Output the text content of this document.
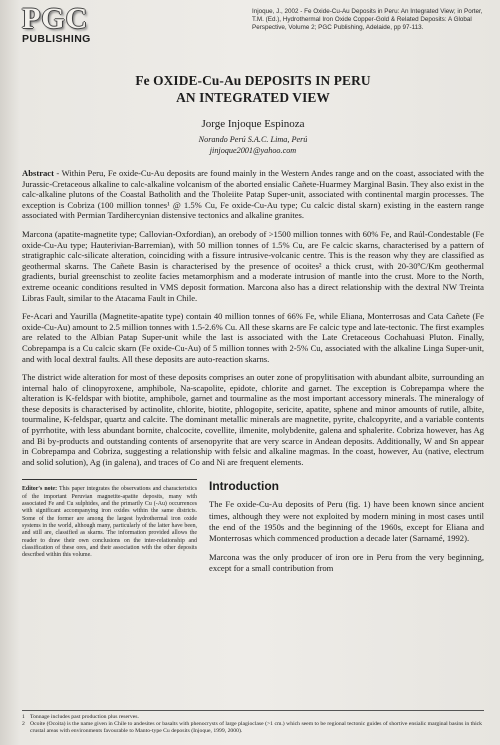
PGC
PUBLISHING
Injoque, J., 2002 - Fe Oxide-Cu-Au Deposits in Peru: An Integrated View; in Porter, T.M. (Ed.), Hydrothermal Iron Oxide Copper-Gold & Related Deposits: A Global Perspective, Volume 2; PGC Publishing, Adelaide, pp 97-113.
Fe OXIDE-Cu-Au DEPOSITS IN PERU
AN INTEGRATED VIEW
Jorge Injoque Espinoza
Norando Perú S.A.C. Lima, Perú
jinjoque2001@yahoo.com
Abstract - Within Peru, Fe oxide-Cu-Au deposits are found mainly in the Western Andes range and on the coast, associated with the Jurassic-Cretaceous alkaline to calc-alkaline volcanism of the aborted ensialic Cañete-Huarmey Marginal Basin. They also exist in the calc-alkaline plutons of the Coastal Batholith and the Tholeiite Patap Super-unit, associated with continental margin processes. The exception is Cobriza (100 million tonnes¹ @ 1.5% Cu, Fe oxide-Cu-Au type; Cu calcic distal skarn) existing in the eastern range associated with Permian Tardihercynian distensive tectonics and alkaline granites.
Marcona (apatite-magnetite type; Callovian-Oxfordian), an orebody of >1500 million tonnes with 60% Fe, and Raúl-Condestable (Fe oxide-Cu-Au type; Hauterivian-Barremian), with 50 million tonnes of 1.5% Cu, are Fe calcic skarns, characterised by a pattern of stratigraphic calc-silicate alteration, coinciding with a fissure intrusive-volcanic centre. This is the reason why they are classified as geothermal skarns. The Cañete Basin is characterised by the presence of ocoites² a thick crust, with 20-30ºC/Km geothermal gradients, burial greenschist to zeolite facies metamorphism and a moderate intrusion of mantle into the crust. More to the North, extreme oceanic conditions resulted in VMS deposit formation. Marcona also has a direct relationship with the dextral NW Treinta Libras Fault, similar to the Atacama Fault in Chile.
Fe-Acari and Yaurilla (Magnetite-apatite type) contain 40 million tonnes of 66% Fe, while Eliana, Monterrosas and Cata Cañete (Fe oxide-Cu-Au) amount to 2.5 million tonnes with 1.5-2.6% Cu. All these skarns are Fe calcic type and late-tectonic. The first examples are related to the Albian Patap Super-unit while the last is associated with the Late Cretaceous Cochahuasi Pluton. Finally, Cobrepampa is a Cu calcic skarn (Fe oxide-Cu-Au) of 5 million tonnes with 2-5% Cu, associated with the alkaline Linga Super-unit, and with local dextral faults. All these deposits are auto-reaction skarns.
The district wide alteration for most of these deposits comprises an outer zone of propylitisation with abundant albite, surrounding an internal halo of clinopyroxene, amphibole, Na-scapolite, epidote, chlorite and garnet. The exception is Cobrepampa where the alteration is K-feldspar with biotite, amphibole, garnet and tourmaline as the most important accessory minerals. The mineralogy of these deposits is characterised by actinolite, chlorite, biotite, phlogopite, sericite, apatite, sphene and minor amounts of rutile, albite, tourmaline, K-feldspar, quartz and calcite. The dominant metallic minerals are magnetite, pyrite, chalcopyrite, and a variable contents of pyrrhotite, with less abundant bornite, chalcocite, covellite, ilmenite, molybdenite, galena and sphalerite. Cobriza however, has Ag and Bi by-products and outstanding contents of arsenopyrite that are very scarce in Andean deposits. Additionally, W and Sn appear in Cobrepampa and Cobriza, suggesting a relationship with felsic and alkaline magmas. In the coast, however, Au (native, electrum and solid solution), Ag (in galena), and traces of Co and Ni are frequent elements.
Editor's note: This paper integrates the observations and characteristics of the important Peruvian magnetite-apatite deposits, many with associated Fe and Cu sulphides, and the primarily Cu (-Au) occurrences with significant accompanying iron oxides within the same districts. Some of the former are among the largest hydrothermal iron oxide systems in the world, although many, particularly of the latter have been, and still are, classified as skarns. The information provided allows the reader to draw their own conclusions on the inter-relationship and classification of these ores, and their association with the other deposits described within this volume.
Introduction
The Fe oxide-Cu-Au deposits of Peru (fig. 1) have been known since ancient times, although they were not exploited by modern mining in most cases until the end of the 1950s and the beginning of the 1960s, except for Eliana and Monterrosas which commenced production a decade later (Sarnamé, 1992).
Marcona was the only producer of iron ore in Peru from the very beginning, except for a small contribution from
1 Tonnage includes past production plus reserves.
2 Ocoite (Ocoita) is the name given in Chile to andesites or basalts with phenocrysts of large plagioclase (>1 cm.) which seem to be regional tectonic guides of shortive ensialic marginal basins in thick crustal areas with environments favourable to Manto-type Cu deposits (Injoque, 1999, 2000).
